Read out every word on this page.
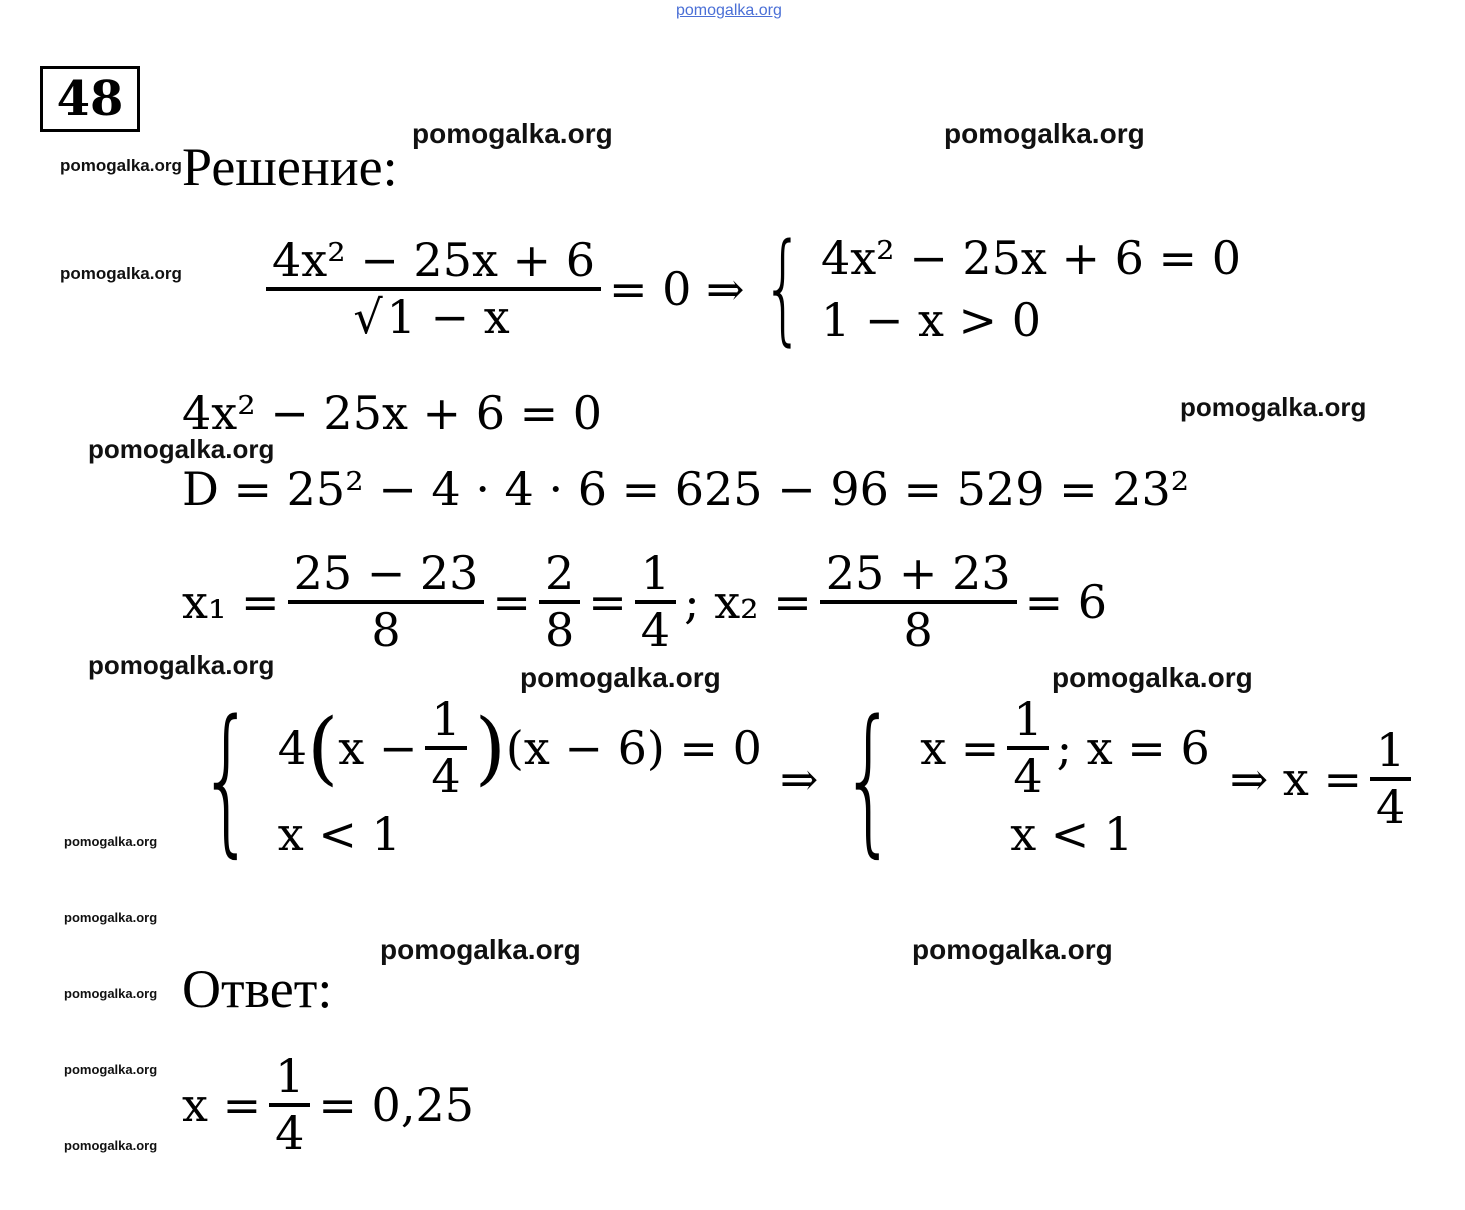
pomogalka.org
48
pomogalka.org	pomogalka.org
pomogalka.org
pomogalka.org
pomogalka.org
pomogalka.org
pomogalka.org	pomogalka.org	pomogalka.org
pomogalka.org
pomogalka.org
pomogalka.org	pomogalka.org
pomogalka.org
pomogalka.org
pomogalka.org
Решение:
$\frac{\text{4x² − 25x + 6}}{√1 - x} = 0$ ⇒ { 4x² − 25x + 6 = 0
1 − x > 0
4x² − 25x + 6 = 0
D = 25² − 4 · 4 · 6 = 625 − 96 = 529 = 23²
$x_1 = \frac{25 - 23}{8} = \frac{2}{8} = \frac{1}{4}$ ; $x_2 = \frac{25 + 23}{8} = 6$
{ 4 ( $x - \frac{1}{4}$ ) (x − 6) = 0
x < 1
⇒ { $x = \frac{1}{4}$ ; x = 6
x < 1
⇒ $x = \frac{1}{4}$
Ответ:
$x = \frac{1}{4} = 0,25$
